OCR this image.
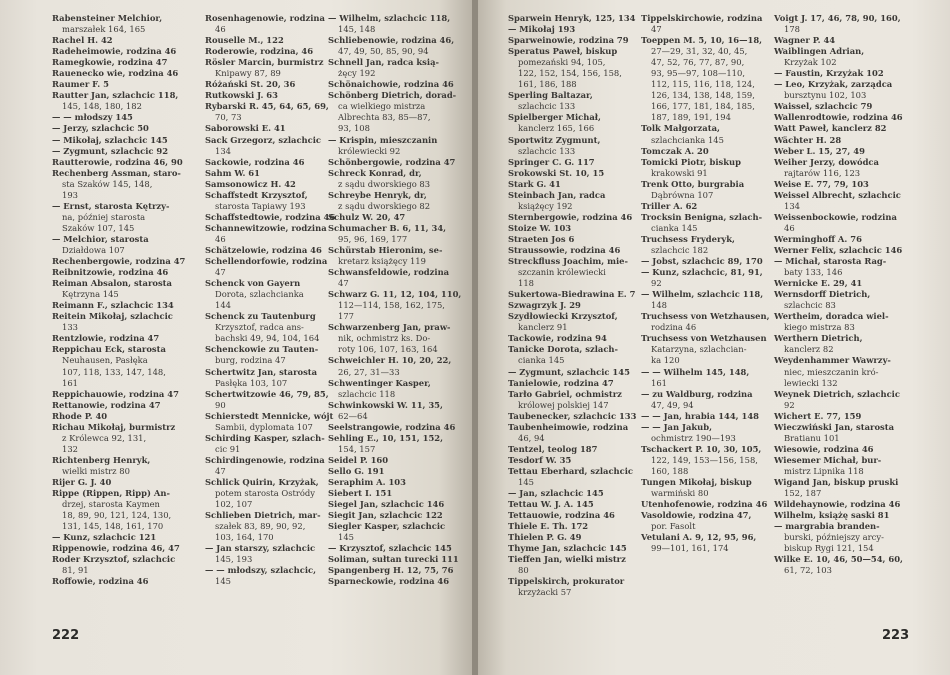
Rabensteiner Melchior,
marszałek 164, 165
Rachel H. 42
Radeheimowie, rodzina 46
Ramegkowie, rodzina 47
Rauenecko wie, rodzina 46
Raumer F. 5
Rautter Jan, szlachcic 118,
145, 148, 180, 182
— — młodszy 145
— Jerzy, szlachcic 50
— Mikołaj, szlachcic 145
— Zygmunt, szlachcic 92
Rautterowie, rodzina 46, 90
Rechenberg Assman, staro-
sta Szaków 145, 148,
193
— Ernst, starosta Kętrzy-
na, później starosta
Szaków 107, 145
— Melchior, starosta
Działdowa 107
Rechenbergowie, rodzina 47
Reibnitzowie, rodzina 46
Reiman Absalon, starosta
Kętrzyna 145
Reimann F., szlachcic 134
Reitein Mikołaj, szlachcic
133
Rentzlowie, rodzina 47
Reppichau Eck, starosta
Neuhausen, Pasłęka
107, 118, 133, 147, 148,
161
Reppichauowie, rodzina 47
Rettanowie, rodzina 47
Rhode P. 40
Richau Mikołaj, burmistrz
z Królewca 92, 131,
132
Richtenberg Henryk,
wielki mistrz 80
Rijer G. J. 40
Rippe (Rippen, Ripp) An-
drzej, starosta Kaymen
18, 89, 90, 121, 124, 130,
131, 145, 148, 161, 170
— Kunz, szlachcic 121
Rippenowie, rodzina 46, 47
Roder Krzysztof, szlachcic
81, 91
Roffowie, rodzina 46
Rosenhagenowie, rodzina
46
Rouselle M., 122
Roderowie, rodzina, 46
Rösler Marcin, burmistrz
Knipawy 87, 89
Różański St. 20, 36
Rutkowski J. 63
Rybarski R. 45, 64, 65, 69,
70, 73
Saborowski E. 41
Sack Grzegorz, szlachcic
134
Sackowie, rodzina 46
Sahm W. 61
Samsonowicz H. 42
Schaffstedt Krzysztof,
starosta Tapiawy 193
Schaffstedtowie, rodzina 46
Schannewitzowie, rodzina
46
Schätzelowie, rodzina 46
Schellendorfowie, rodzina
47
Schenck von Gayern
Dorota, szlachcianka
144
Schenck zu Tautenburg
Krzysztof, radca ans-
bachski 49, 94, 104, 164
Schenckowie zu Tauten-
burg, rodzina 47
Schertwitz Jan, starosta
Pasłęka 103, 107
Schertwitzowie 46, 79, 85,
90
Schierstedt Mennicke, wójt
Sambii, dyplomata 107
Schirding Kasper, szlach-
cic 91
Schirdingenowie, rodzina
47
Schlick Quirin, Krzyżak,
potem starosta Ostródy
102, 107
Schlieben Dietrich, mar-
szałek 83, 89, 90, 92,
103, 164, 170
— Jan starszy, szlachcic
145, 193
— — młodszy, szlachcic,
145
— Wilhelm, szlachcic 118,
145, 148
Schliebenowie, rodzina 46,
47, 49, 50, 85, 90, 94
Schnell Jan, radca ksią-
żęcy 192
Schönaichowie, rodzina 46
Schönberg Dietrich, dorad-
ca wielkiego mistrza
Albrechta 83, 85—87,
93, 108
— Krispin, mieszczanin
królewiecki 92
Schönbergowie, rodzina 47
Schreck Konrad, dr,
z sądu dworskiego 83
Schreybe Henryk, dr,
z sądu dworskiego 82
Schulz W. 20, 47
Schumacher B. 6, 11, 34,
95, 96, 169, 177
Schürstab Hieronim, se-
kretarz książęcy 119
Schwansfeldowie, rodzina
47
Schwarz G. 11, 12, 104, 110,
112—114, 158, 162, 175,
177
Schwarzenberg Jan, praw-
nik, ochmistrz ks. Do-
roty 106, 107, 163, 164
Schweichler H. 10, 20, 22,
26, 27, 31—33
Schwentinger Kasper,
szlachcic 118
Schwinkowski W. 11, 35,
62—64
Seelstrangowie, rodzina 46
Sehling E., 10, 151, 152,
154, 157
Seidel P. 160
Sello G. 191
Seraphim A. 103
Siebert I. 151
Siegel Jan, szlachcic 146
Siegit Jan, szlachcic 122
Siegler Kasper, szlachcic
145
— Krzysztof, szlachcic 145
Soliman, sułtan turecki 111
Spangenberg H. 12, 75, 76
Sparneckowie, rodzina 46
222
Sparwein Henryk, 125, 134
— Mikołaj 193
Sparweinowie, rodzina 79
Speratus Paweł, biskup
pomezański 94, 105,
122, 152, 154, 156, 158,
161, 186, 188
Sperling Baltazar,
szlachcic 133
Spielberger Michał,
kanclerz 165, 166
Sportwitz Zygmunt,
szlachcic 133
Springer C. G. 117
Srokowski St. 10, 15
Stark G. 41
Steinbach Jan, radca
książęcy 192
Sternbergowie, rodzina 46
Stoize W. 103
Straeten Jos 6
Straussowie, rodzina 46
Streckfluss Joachim, mie-
szczanin królewiecki
118
Sukertowa-Biedrawina E. 7
Szwagrzyk J. 29
Szydłowiecki Krzysztof,
kanclerz 91
Tackowie, rodzina 94
Tanicke Dorota, szlach-
cianka 145
— Zygmunt, szlachcic 145
Tanielowie, rodzina 47
Tarło Gabriel, ochmistrz
królowej polskiej 147
Taubenecker, szlachcic 133
Taubenheimowie, rodzina
46, 94
Tentzel, teolog 187
Tesdorf W. 35
Tettau Eberhard, szlachcic
145
— Jan, szlachcic 145
Tettau W. J. A. 145
Tettauowie, rodzina 46
Thiele E. Th. 172
Thielen P. G. 49
Thyme Jan, szlachcic 145
Tieffen Jan, wielki mistrz
80
Tippelskirch, prokurator
krzyżacki 57
Tippelskirchowie, rodzina
47
Toeppen M. 5, 10, 16—18,
27—29, 31, 32, 40, 45,
47, 52, 76, 77, 87, 90,
93, 95—97, 108—110,
112, 115, 116, 118, 124,
126, 134, 138, 148, 159,
166, 177, 181, 184, 185,
187, 189, 191, 194
Tolk Małgorzata,
szlachcianka 145
Tomczak A. 20
Tomicki Piotr, biskup
krakowski 91
Trenk Otto, burgrabia
Dąbrówna 107
Triller A. 62
Trocksin Benigna, szlach-
cianka 145
Truchsess Fryderyk,
szlachcic 182
— Jobst, szlachcic 89, 170
— Kunz, szlachcic, 81, 91,
92
— Wilhelm, szlachcic 118,
148
Truchsess von Wetzhausen,
rodzina 46
Truchsess von Wetzhausen
Katarzyna, szlachcian-
ka 120
— — Wilhelm 145, 148,
161
— zu Waldburg, rodzina
47, 49, 94
— — Jan, hrabia 144, 148
— — Jan Jakub,
ochmistrz 190—193
Tschackert P. 10, 30, 105,
122, 149, 153—156, 158,
160, 188
Tungen Mikołaj, biskup
warmiński 80
Utenhofenowie, rodzina 46
Vasoldowie, rodzina 47,
por. Fasolt
Vetulani A. 9, 12, 95, 96,
99—101, 161, 174
Voigt J. 17, 46, 78, 90, 160,
178
Wagner P. 44
Waiblingen Adrian,
Krzyżak 102
— Faustin, Krzyżak 102
— Leo, Krzyżak, zarządca
bursztynu 102, 103
Waissel, szlachcic 79
Wallenrodtowie, rodzina 46
Watt Paweł, kanclerz 82
Wächter H. 28
Weber L. 15, 27, 49
Weiher Jerzy, dowódca
rajtarów 116, 123
Weise E. 77, 79, 103
Weissel Albrecht, szlachcic
134
Weissenbockowie, rodzina
46
Werminghoff A. 76
Werner Felix, szlachcic 146
— Michał, starosta Rag-
baty 133, 146
Wernicke E. 29, 41
Wernsdorff Dietrich,
szlachcic 83
Wertheim, doradca wiel-
kiego mistrza 83
Werthern Dietrich,
kanclerz 82
Weydenhammer Wawrzy-
niec, mieszczanin kró-
lewiecki 132
Weynek Dietrich, szlachcic
92
Wichert E. 77, 159
Wieczwiński Jan, starosta
Bratianu 101
Wiesowie, rodzina 46
Wiesemer Michał, bur-
mistrz Lipnika 118
Wigand Jan, biskup pruski
152, 187
Wildehaynowie, rodzina 46
Wilhelm, książę saski 81
— margrabia branden-
burski, późniejszy arcy-
biskup Rygi 121, 154
Wilke E. 10, 46, 50—54, 60,
61, 72, 103
223
